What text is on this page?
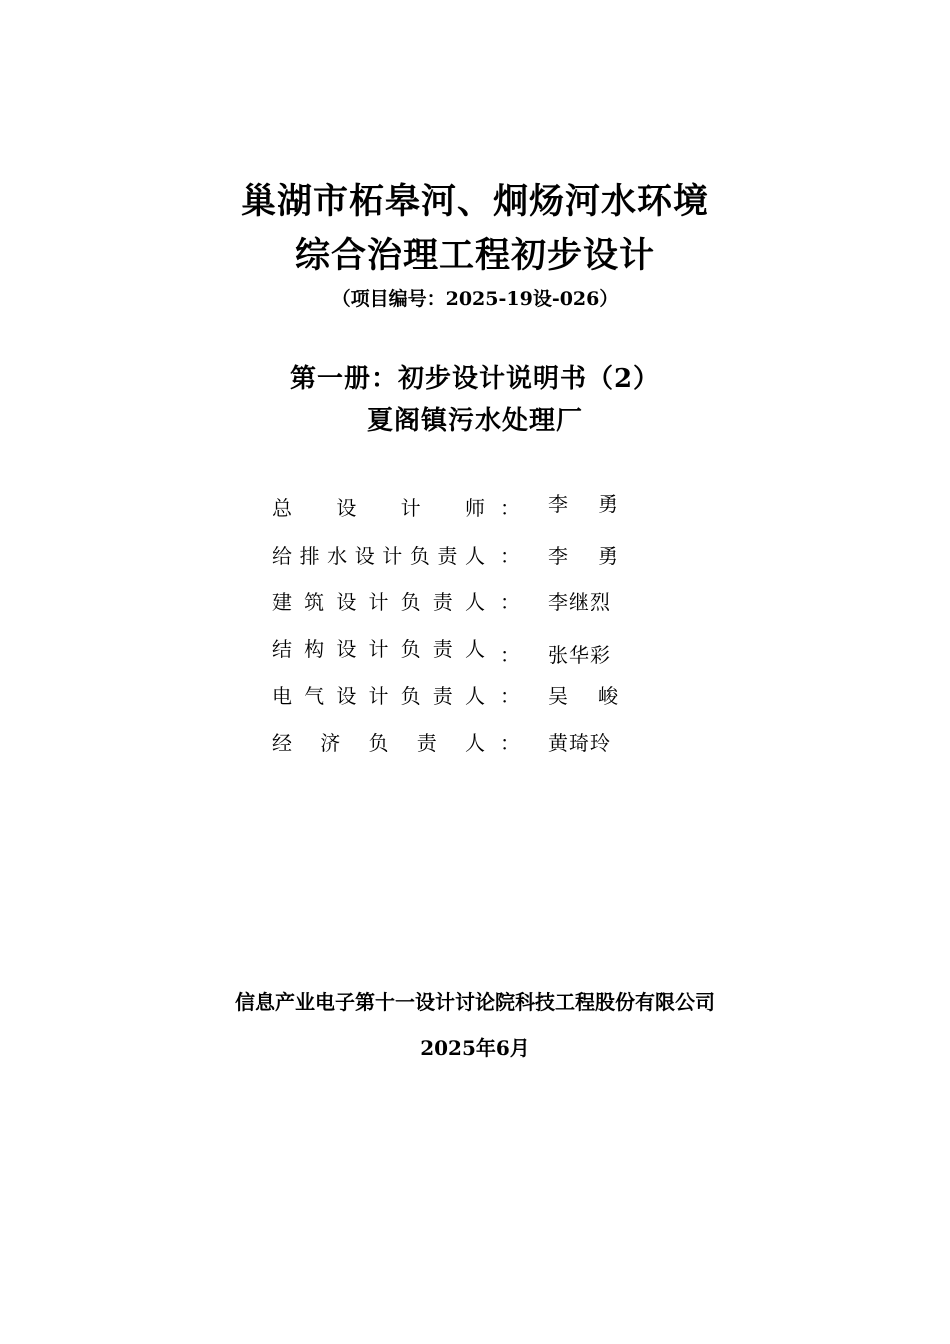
巢湖市柘皋河、炯炀河水环境
综合治理工程初步设计
（项目编号：2025-19设-026）
第一册：初步设计说明书（2）
夏阁镇污水处理厂
总 设 计 师 ： 李 勇
给 排 水 设 计 负 责 人 ： 李 勇
建 筑 设 计 负 责 人 ： 李继烈
结 构 设 计 负 责 人 ： 张华彩
电 气 设 计 负 责 人 ： 吴 峻
经 济 负 责 人 ： 黄琦玲
信息产业电子第十一设计讨论院科技工程股份有限公司
2025年6月
